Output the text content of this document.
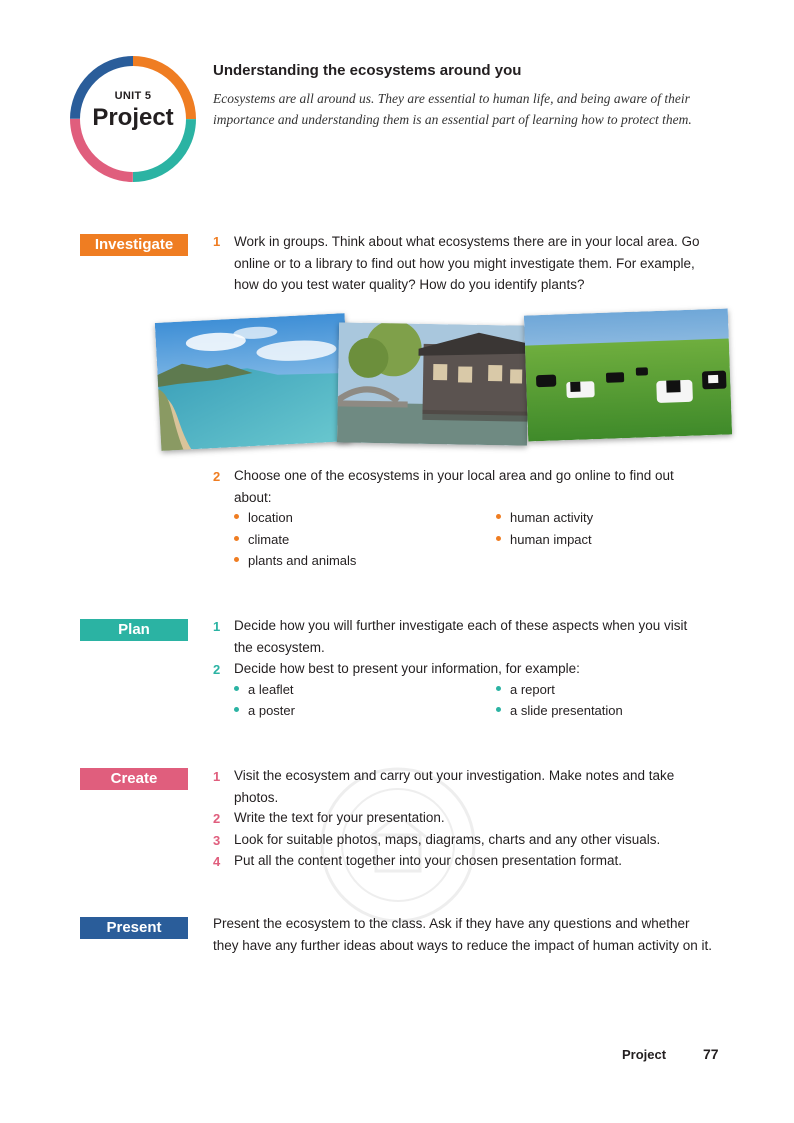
UNIT 5
Project
Understanding the ecosystems around you
Ecosystems are all around us. They are essential to human life, and being aware of their importance and understanding them is an essential part of learning how to protect them.
Investigate	1 Work in groups. Think about what ecosystems there are in your local area. Go online or to a library to find out how you might investigate them. For example, how do you test water quality? How do you identify plants?
2 Choose one of the ecosystems in your local area and go online to find out about:
location
climate
plants and animals
human activity
human impact
Plan	1 Decide how you will further investigate each of these aspects when you visit the ecosystem.
2 Decide how best to present your information, for example:
a leaflet
a poster
a report
a slide presentation
Create	1 Visit the ecosystem and carry out your investigation. Make notes and take photos.
2 Write the text for your presentation.
3 Look for suitable photos, maps, diagrams, charts and any other visuals.
4 Put all the content together into your chosen presentation format.
Present	Present the ecosystem to the class. Ask if they have any questions and whether they have any further ideas about ways to reduce the impact of human activity on it.
Project	77
